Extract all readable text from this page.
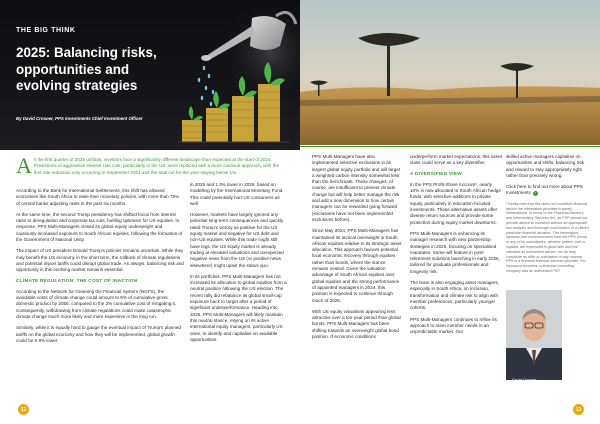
THE BIG THINK
2025: Balancing risks, opportunities and evolving strategies
By David Crosoer, PPS Investments Chief Investment Officer
As the first quarter of 2025 unfolds, investors face a significantly different landscape than expected at the start of 2024. Predictions of aggressive interest rate cuts, particularly in the US, were replaced with a more cautious approach, with the first rate reduction only occurring in September 2024 and the total cut for the year staying below 1%.

According to the Bank for International Settlements, this shift has allowed economies like South Africa to ease their monetary policies, with more than 75% of central banks adjusting rates in the past six months.

At the same time, the second Trump presidency has shifted focus from interest rates to deregulation and corporate tax cuts, fuelling optimism for US equities. In response, PPS Multi-Managers closed its global equity underweight and cautiously increased exposure to South African equities, following the formation of the Government of National Unity.

The impact of US president Donald Trump's policies remains uncertain. While they may benefit the US economy in the short term, the rollback of climate regulations and potential import tariffs could disrupt global trade. As always, balancing risk and opportunity in this evolving market remains essential.

CLIMATE REGULATION: THE COST OF INACTION

According to the Network for Greening the Financial System (NGFS), the avoidable costs of climate change could amount to 9% of cumulative gross domestic product by 2050, compared to the 2% cumulative cost of mitigating it. Consequently, withdrawing from climate regulations could make catastrophic climate change much more likely and more expensive in the long run.

Similarly, while it is equally hard to gauge the eventual impact of Trump's planned tariffs on the global economy and how they will be implemented, global growth could be 0.8% lower

in 2025 and 1.3% lower in 2026, based on modelling by the International Monetary Fund. This could potentially hurt US consumers as well.

However, markets have largely ignored any potential long-term consequences and quickly rated Trump's victory as positive for the US equity market and negative for US debt and non-US equities. While this trade might still have legs, the US equity market is already trading at elevated valuations and unexpected negative news from the US (or positive news elsewhere) might upset the status quo.

In its portfolios, PPS Multi-Managers has not increased its allocation to global equities from a neutral position following the US election. The recent rally did rebalance its global small-cap exposure back to target after a period of significant underperformance. Heading into 2025, PPS Multi-Managers will likely maintain this neutral stance, relying on its active international equity managers, particularly US ones, to identify and capitalise on available opportunities.

12

PPS Multi-Managers have also implemented selective exclusions in its largest global equity portfolio and will target a weighted carbon intensity somewhat less than the benchmark. These changes, of course, are insufficient to prevent climate change but will help better manage the risk and add a new dimension to how certain managers can be rewarded going forward (exclusions have not been implemented exclusions before).

Since May 2024, PPS Multi-Managers has maintained its tactical overweight in South African equities relative to its strategic asset allocation. This approach favours potential local economic recovery through equities rather than bonds, where the stance remains neutral. Given the valuation advantage of South African equities over global equities and the strong performance of appointed managers in 2024, this position is expected to continue through much of 2025.

With US equity valuations appearing less attractive over a ten-year period than global bonds, PPS Multi-Managers has been shifting towards an overweight global bond position. If economic conditions

underperform market expectations, this asset class could serve as a key diversifier.

A DIVERSIFIED VIEW

In the PPS Profit-Share Account¹, nearly 10% is now allocated to South African hedge funds, with selective additions to private equity, particularly in education-focused investments. These alternative assets offer diverse return sources and provide some protection during equity market downturns.

PPS Multi-Managers is enhancing its manager research with new partnership strategies in 2025, focusing on specialised mandates. Some will feature in post-retirement solutions launching in early 2025, tailored for graduate professionals and longevity risk.

The team is also engaging asset managers, especially in South Africa, on inclusion, transformation and climate risk to align with member preferences, particularly younger cohorts.

PPS Multi-Managers continues to refine its approach to meet member needs in an unpredictable market. Our

skilled active managers capitalise on opportunities and shifts, balancing risk and reward to stay appropriately right rather than precisely wrong.

Click here to find out more about PPS Investments ›

¹ Kindly note that this does not constitute financial advice the information provided is purely informational. In terms of the Financial Advisory and Intermediary Services Act, an FSP should not provide advice to investors without an appropriate risk analysis and thorough examination of a client's particular financial situation. The information, opinions and communication from the PPS Group or any of its subsidiaries, whether written, oral or implied, are expressed in good faith and not intended as investment advice, nor do they constitute an offer or solicitation in any manner. PPS is a licensed financial services provider. For insurance business: a licensed controlling company and an authorised FSP.

David Crosoer
13
